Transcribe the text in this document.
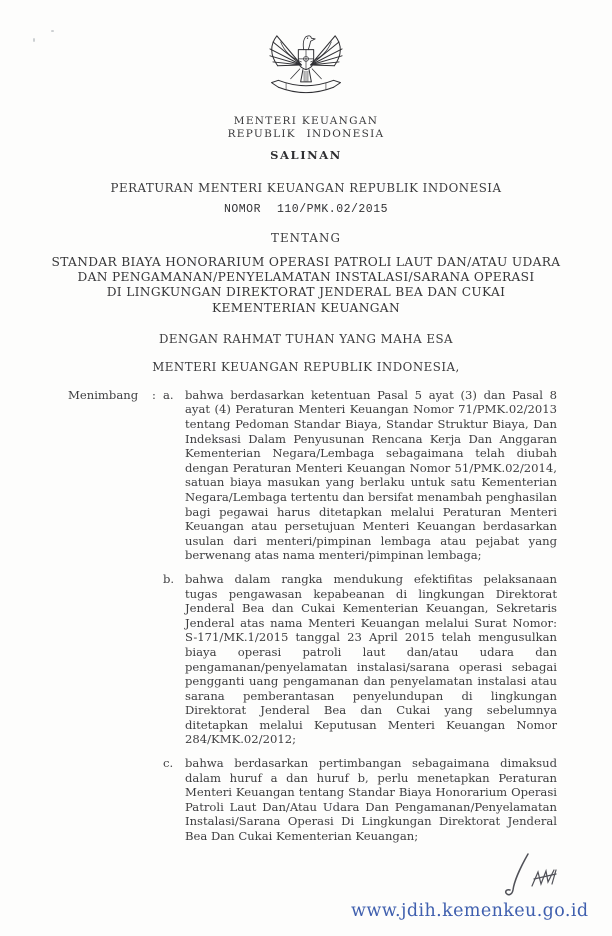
MENTERI KEUANGAN
REPUBLIK INDONESIA
SALINAN
PERATURAN MENTERI KEUANGAN REPUBLIK INDONESIA
NOMOR 110/PMK.02/2015
TENTANG
STANDAR BIAYA HONORARIUM OPERASI PATROLI LAUT DAN/ATAU UDARA
DAN PENGAMANAN/PENYELAMATAN INSTALASI/SARANA OPERASI
DI LINGKUNGAN DIREKTORAT JENDERAL BEA DAN CUKAI
KEMENTERIAN KEUANGAN
DENGAN RAHMAT TUHAN YANG MAHA ESA
MENTERI KEUANGAN REPUBLIK INDONESIA,
Menimbang	: a. bahwa berdasarkan ketentuan Pasal 5 ayat (3) dan Pasal 8 ayat (4) Peraturan Menteri Keuangan Nomor 71/PMK.02/2013 tentang Pedoman Standar Biaya, Standar Struktur Biaya, Dan Indeksasi Dalam Penyusunan Rencana Kerja Dan Anggaran Kementerian Negara/Lembaga sebagaimana telah diubah dengan Peraturan Menteri Keuangan Nomor 51/PMK.02/2014, satuan biaya masukan yang berlaku untuk satu Kementerian Negara/Lembaga tertentu dan bersifat menambah penghasilan bagi pegawai harus ditetapkan melalui Peraturan Menteri Keuangan atau persetujuan Menteri Keuangan berdasarkan usulan dari menteri/pimpinan lembaga atau pejabat yang berwenang atas nama menteri/pimpinan lembaga;
b. bahwa dalam rangka mendukung efektifitas pelaksanaan tugas pengawasan kepabeanan di lingkungan Direktorat Jenderal Bea dan Cukai Kementerian Keuangan, Sekretaris Jenderal atas nama Menteri Keuangan melalui Surat Nomor: S-171/MK.1/2015 tanggal 23 April 2015 telah mengusulkan biaya operasi patroli laut dan/atau udara dan pengamanan/penyelamatan instalasi/sarana operasi sebagai pengganti uang pengamanan dan penyelamatan instalasi atau sarana pemberantasan penyelundupan di lingkungan Direktorat Jenderal Bea dan Cukai yang sebelumnya ditetapkan melalui Keputusan Menteri Keuangan Nomor 284/KMK.02/2012;
c.	bahwa berdasarkan pertimbangan sebagaimana dimaksud dalam huruf a dan huruf b, perlu menetapkan Peraturan Menteri Keuangan tentang Standar Biaya Honorarium Operasi Patroli Laut Dan/Atau Udara Dan Pengamanan/Penyelamatan Instalasi/Sarana Operasi Di Lingkungan Direktorat Jenderal Bea Dan Cukai Kementerian Keuangan;
www.jdih.kemenkeu.go.id
